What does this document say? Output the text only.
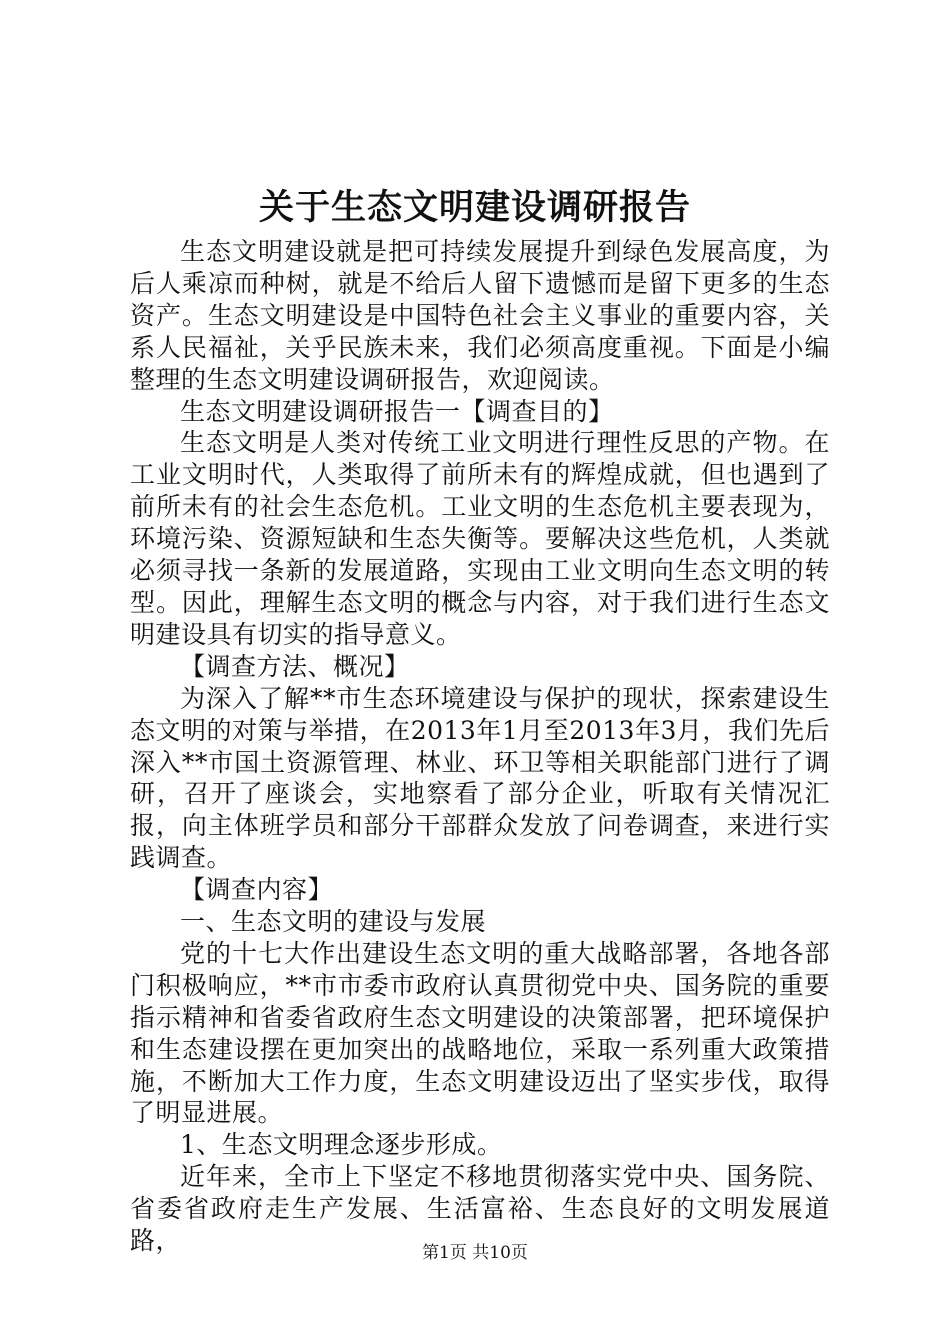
关于生态文明建设调研报告

生态文明建设就是把可持续发展提升到绿色发展高度，为后人乘凉而种树，就是不给后人留下遗憾而是留下更多的生态资产。生态文明建设是中国特色社会主义事业的重要内容，关系人民福祉，关乎民族未来，我们必须高度重视。下面是小编整理的生态文明建设调研报告，欢迎阅读。

生态文明建设调研报告一【调查目的】

生态文明是人类对传统工业文明进行理性反思的产物。在工业文明时代，人类取得了前所未有的辉煌成就，但也遇到了前所未有的社会生态危机。工业文明的生态危机主要表现为，环境污染、资源短缺和生态失衡等。要解决这些危机，人类就必须寻找一条新的发展道路，实现由工业文明向生态文明的转型。因此，理解生态文明的概念与内容，对于我们进行生态文明建设具有切实的指导意义。

【调查方法、概况】

为深入了解**市生态环境建设与保护的现状，探索建设生态文明的对策与举措，在2013年1月至2013年3月，我们先后深入**市国土资源管理、林业、环卫等相关职能部门进行了调研，召开了座谈会，实地察看了部分企业，听取有关情况汇报，向主体班学员和部分干部群众发放了问卷调查，来进行实践调查。

【调查内容】

一、生态文明的建设与发展

党的十七大作出建设生态文明的重大战略部署，各地各部门积极响应，**市市委市政府认真贯彻党中央、国务院的重要指示精神和省委省政府生态文明建设的决策部署，把环境保护和生态建设摆在更加突出的战略地位，采取一系列重大政策措施，不断加大工作力度，生态文明建设迈出了坚实步伐，取得了明显进展。

1、生态文明理念逐步形成。

近年来，全市上下坚定不移地贯彻落实党中央、国务院、省委省政府走生产发展、生活富裕、生态良好的文明发展道路，	第1页 共10页
